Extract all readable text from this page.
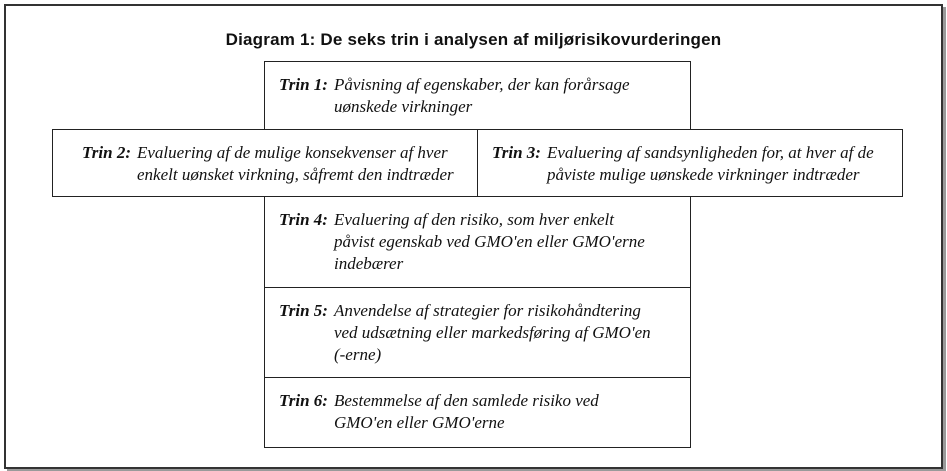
Diagram 1: De seks trin i analysen af miljørisikovurderingen
Trin 1: Påvisning af egenskaber, der kan forårsage uønskede virkninger
Trin 2: Evaluering af de mulige konsekvenser af hver enkelt uønsket virkning, såfremt den indtræder
Trin 3: Evaluering af sandsynligheden for, at hver af de påviste mulige uønskede virkninger indtræder
Trin 4: Evaluering af den risiko, som hver enkelt påvist egenskab ved GMO'en eller GMO'erne indebærer
Trin 5: Anvendelse af strategier for risikohåndtering ved udsætning eller markedsføring af GMO'en (-erne)
Trin 6: Bestemmelse af den samlede risiko ved GMO'en eller GMO'erne
